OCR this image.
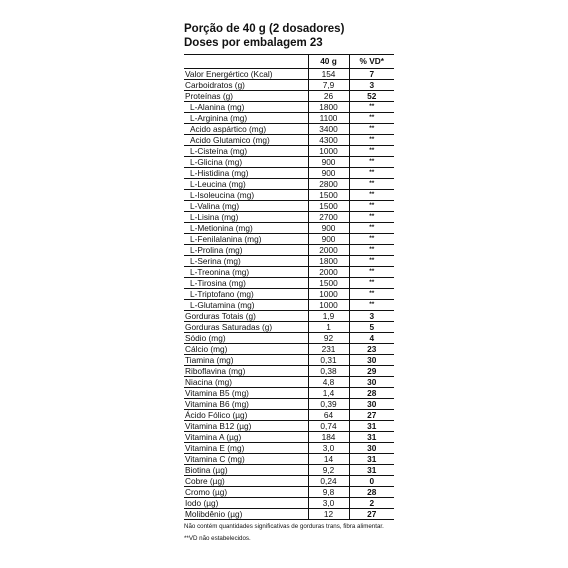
Porção de 40 g (2 dosadores)
Doses por embalagem 23
	40 g	% VD*
Valor Energértico (Kcal)	154	7
Carboidratos (g)	7,9	3
Proteínas (g)	26	52
L-Alanina (mg)	1800	**
L-Arginina (mg)	1100	**
Acido aspártico (mg)	3400	**
Acido Glutamico (mg)	4300	**
L-Cisteína (mg)	1000	**
L-Glicina (mg)	900	**
L-Histidina (mg)	900	**
L-Leucina (mg)	2800	**
L-Isoleucina (mg)	1500	**
L-Valina (mg)	1500	**
L-Lisina (mg)	2700	**
L-Metionina (mg)	900	**
L-Fenilalanina (mg)	900	**
L-Prolina (mg)	2000	**
L-Serina (mg)	1800	**
L-Treonina (mg)	2000	**
L-Tirosina (mg)	1500	**
L-Triptofano (mg)	1000	**
L-Glutamina (mg)	1000	**
Gorduras Totais (g)	1,9	3
Gorduras Saturadas (g)	1	5
Sódio (mg)	92	4
Cálcio (mg)	231	23
Tiamina (mg)	0,31	30
Riboflavina (mg)	0,38	29
Niacina (mg)	4,8	30
Vitamina B5 (mg)	1,4	28
Vitamina B6 (mg)	0,39	30
Ácido Fólico (µg)	64	27
Vitamina B12 (µg)	0,74	31
Vitamina A (µg)	184	31
Vitamina E (mg)	3,0	30
Vitamina C (mg)	14	31
Biotina (µg)	9,2	31
Cobre (µg)	0,24	0
Cromo (µg)	9,8	28
Iodo (µg)	3,0	2
Molibdênio (µg)	12	27
Não contém quantidades significativas de gorduras trans, fibra alimentar.
**VD não estabelecidos.
